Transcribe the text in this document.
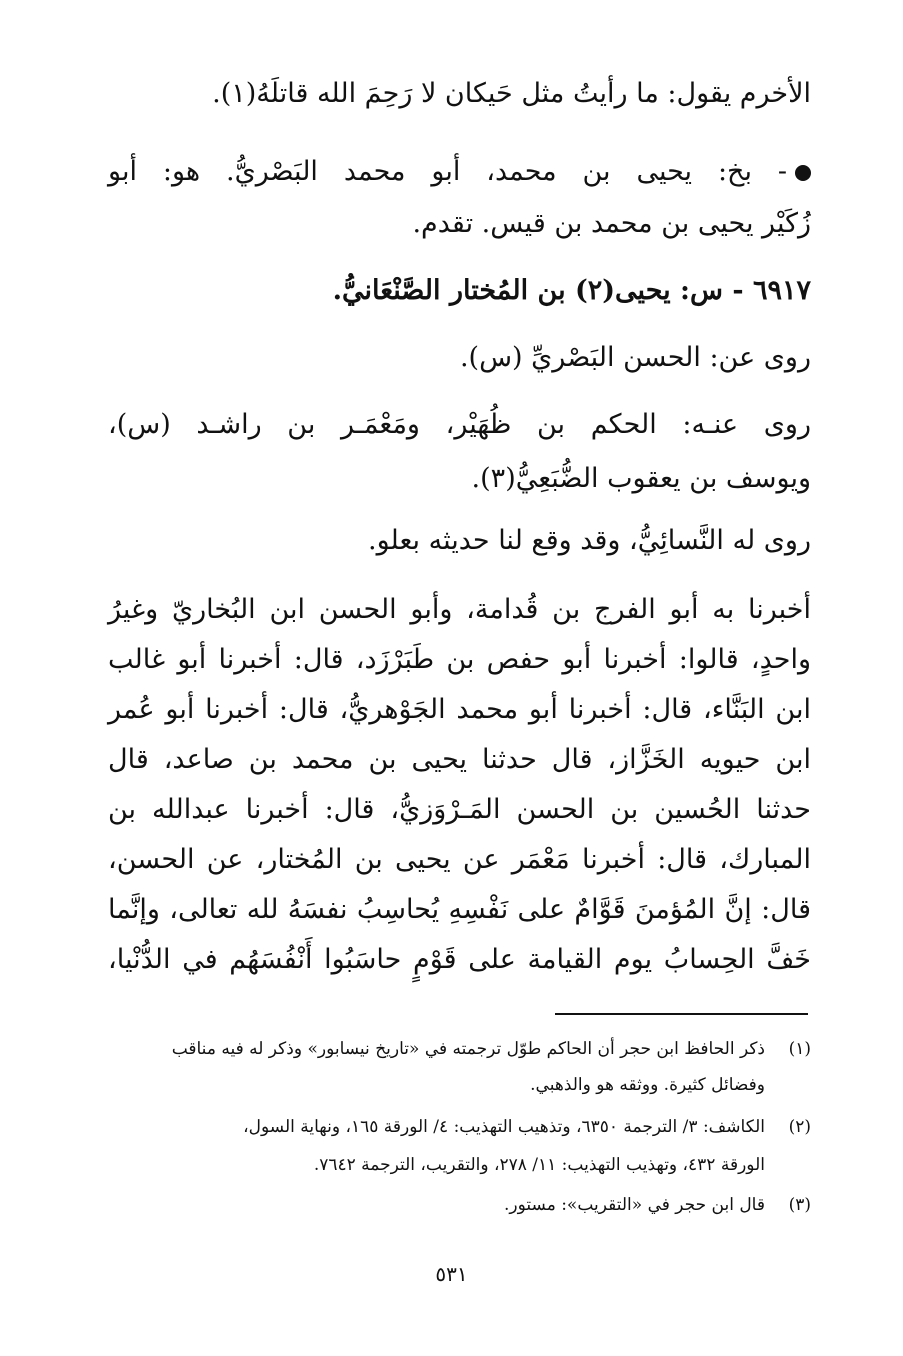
الأخرم يقول: ما رأيتُ مثل حَيكان لا رَحِمَ الله قاتلَهُ(١).
- بخ: يحيى بن محمد، أبو محمد البَصْريُّ. هو: أبو
زُكَيْر يحيى بن محمد بن قيس. تقدم.
٦٩١٧ - س: يحيى(٢) بن المُختار الصَّنْعَانيُّ.
روى عن: الحسن البَصْريِّ (س).
روى عنـه: الحكم بن ظُهَيْر، ومَعْمَـر بن راشـد (س)،
ويوسف بن يعقوب الضُّبَعِيُّ(٣).
روى له النَّسائِيُّ، وقد وقع لنا حديثه بعلو.
أخبرنا به أبو الفرج بن قُدامة، وأبو الحسن ابن البُخاريّ وغيرُ
واحدٍ، قالوا: أخبرنا أبو حفص بن طَبَرْزَد، قال: أخبرنا أبو غالب
ابن البَنَّاء، قال: أخبرنا أبو محمد الجَوْهريُّ، قال: أخبرنا أبو عُمر
ابن حيويه الخَزَّاز، قال حدثنا يحيى بن محمد بن صاعد، قال
حدثنا الحُسين بن الحسن المَـرْوَزيُّ، قال: أخبرنا عبدالله بن
المبارك، قال: أخبرنا مَعْمَر عن يحيى بن المُختار، عن الحسن،
قال: إنَّ المُؤمنَ قَوَّامٌ على نَفْسِهِ يُحاسِبُ نفسَهُ لله تعالى، وإنَّما
خَفَّ الحِسابُ يوم القيامة على قَوْمٍ حاسَبُوا أَنْفُسَهُم في الدُّنْيا،
(١)ذكر الحافظ ابن حجر أن الحاكم طوّل ترجمته في «تاريخ نيسابور» وذكر له فيه مناقب
وفضائل كثيرة. ووثقه هو والذهبي.
(٢)الكاشف: ٣/ الترجمة ٦٣٥٠، وتذهيب التهذيب: ٤/ الورقة ١٦٥، ونهاية السول،
الورقة ٤٣٢، وتهذيب التهذيب: ١١/ ٢٧٨، والتقريب، الترجمة ٧٦٤٢.
(٣)قال ابن حجر في «التقريب»: مستور.
٥٣١
